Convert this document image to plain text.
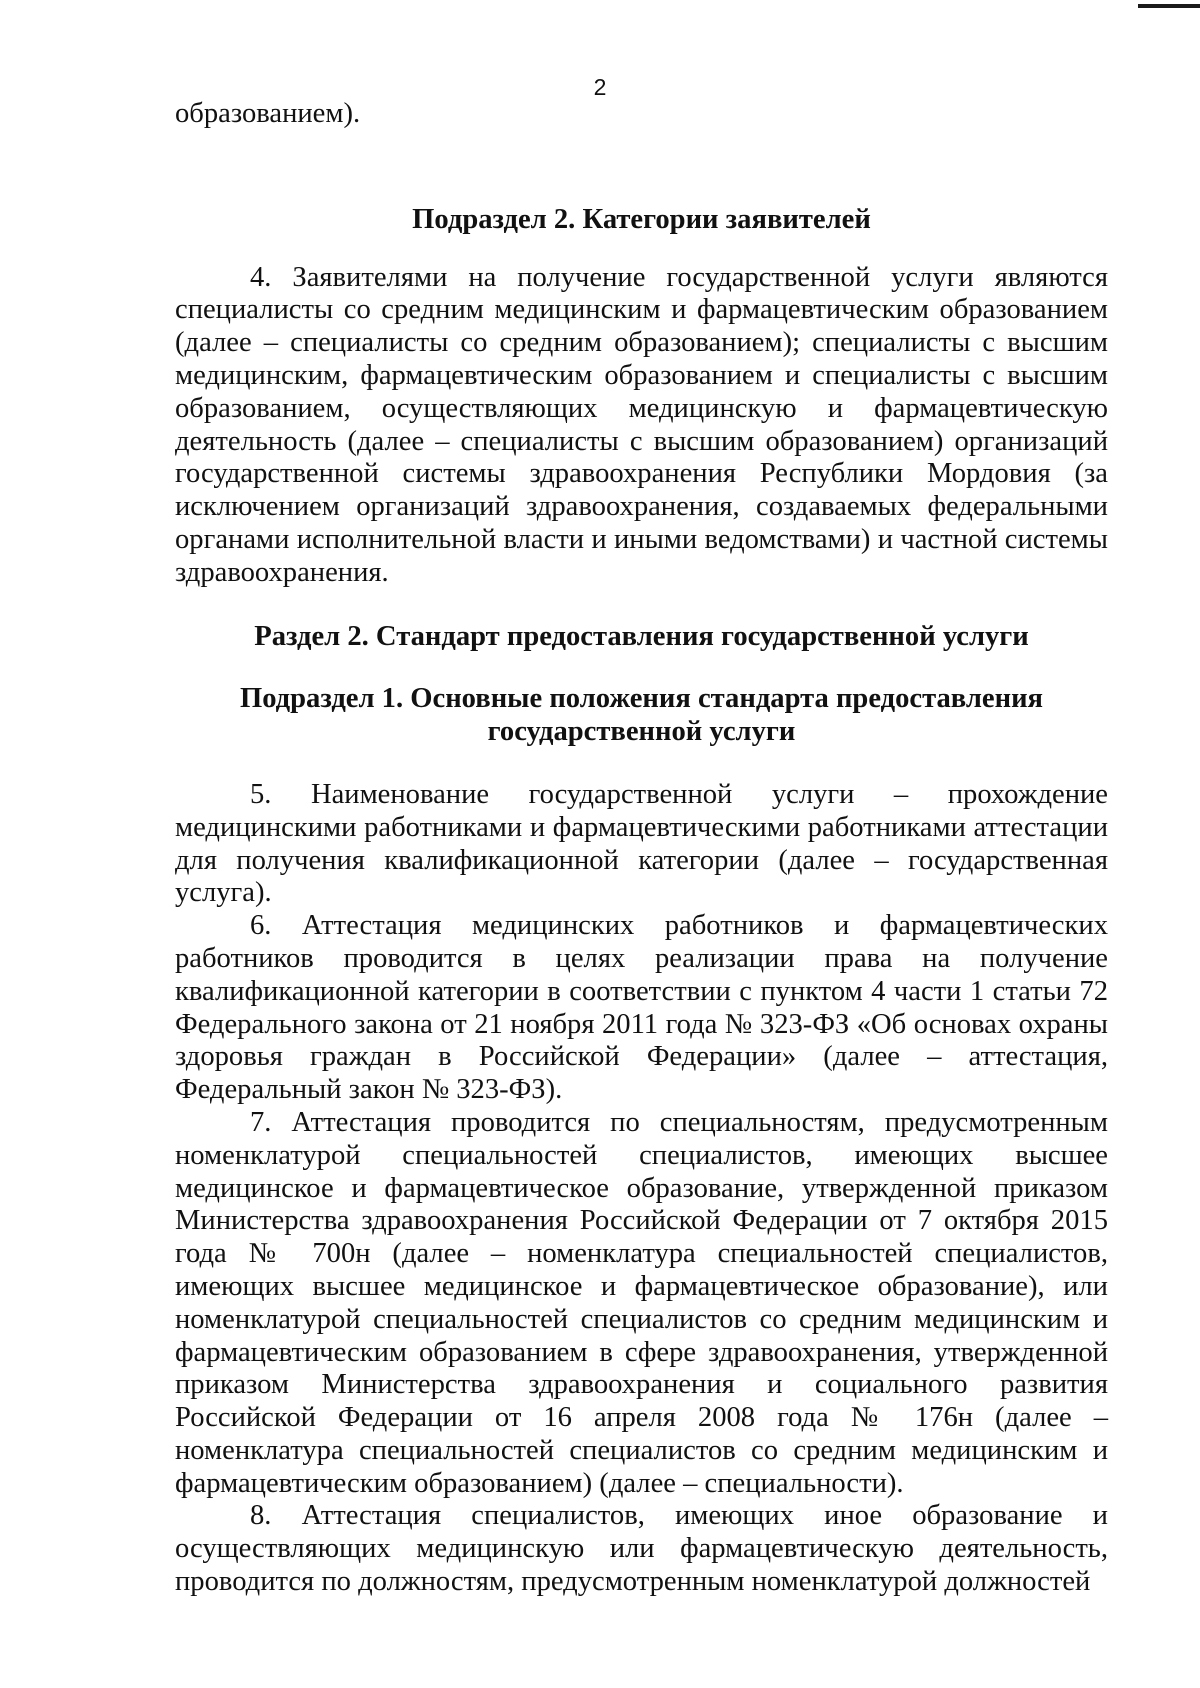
2

образованием).

Подраздел 2. Категории заявителей

4. Заявителями на получение государственной услуги являются специалисты со средним медицинским и фармацевтическим образованием (далее – специалисты со средним образованием); специалисты с высшим медицинским, фармацевтическим образованием и специалисты с высшим образованием, осуществляющих медицинскую и фармацевтическую деятельность (далее – специалисты с высшим образованием) организаций государственной системы здравоохранения Республики Мордовия (за исключением организаций здравоохранения, создаваемых федеральными органами исполнительной власти и иными ведомствами) и частной системы здравоохранения.

Раздел 2. Стандарт предоставления государственной услуги
Подраздел 1. Основные положения стандарта предоставления государственной услуги

5. Наименование государственной услуги – прохождение медицинскими работниками и фармацевтическими работниками аттестации для получения квалификационной категории (далее – государственная услуга).

6. Аттестация медицинских работников и фармацевтических работников проводится в целях реализации права на получение квалификационной категории в соответствии с пунктом 4 части 1 статьи 72 Федерального закона от 21 ноября 2011 года № 323-ФЗ «Об основах охраны здоровья граждан в Российской Федерации» (далее – аттестация, Федеральный закон № 323-ФЗ).

7. Аттестация проводится по специальностям, предусмотренным номенклатурой специальностей специалистов, имеющих высшее медицинское и фармацевтическое образование, утвержденной приказом Министерства здравоохранения Российской Федерации от 7 октября 2015 года № 700н (далее – номенклатура специальностей специалистов, имеющих высшее медицинское и фармацевтическое образование), или номенклатурой специальностей специалистов со средним медицинским и фармацевтическим образованием в сфере здравоохранения, утвержденной приказом Министерства здравоохранения и социального развития Российской Федерации от 16 апреля 2008 года № 176н (далее – номенклатура специальностей специалистов со средним медицинским и фармацевтическим образованием) (далее – специальности).

8. Аттестация специалистов, имеющих иное образование и осуществляющих медицинскую или фармацевтическую деятельность, проводится по должностям, предусмотренным номенклатурой должностей
